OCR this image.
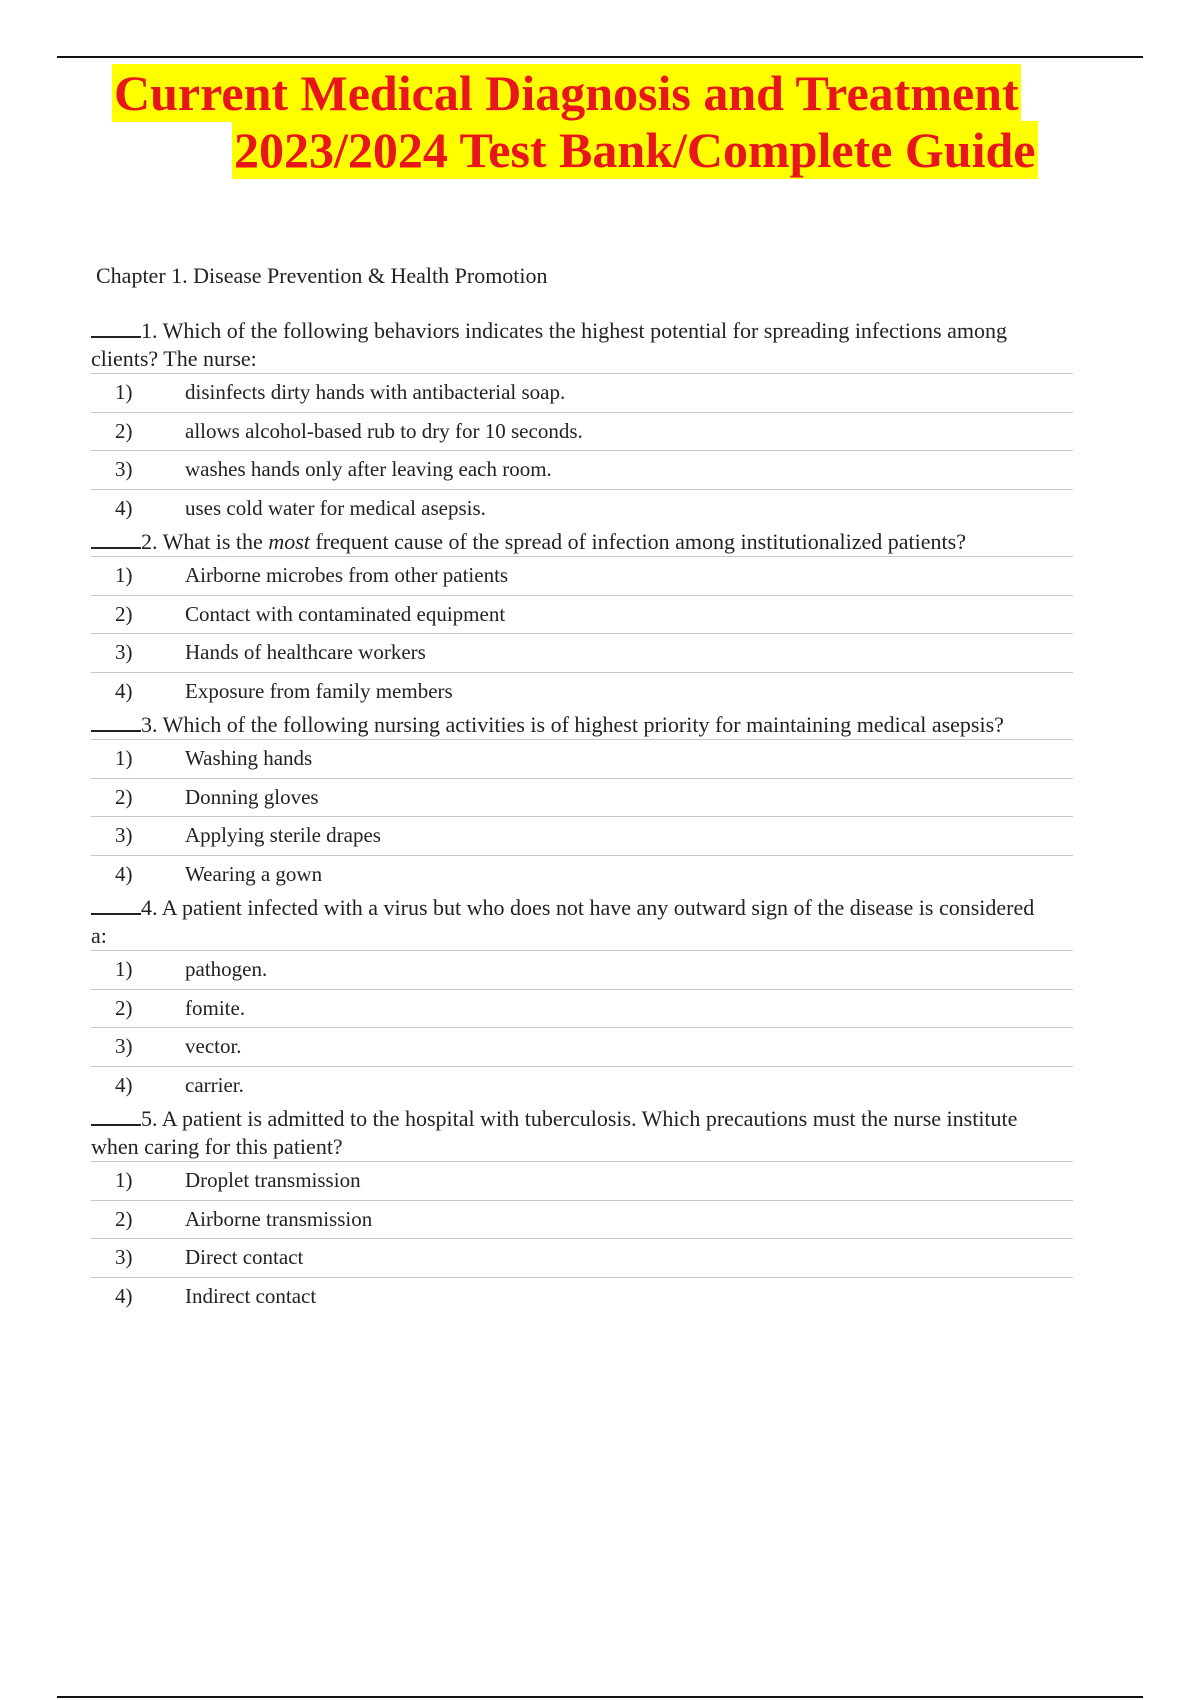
Current Medical Diagnosis and Treatment
2023/2024 Test Bank/Complete Guide
Chapter 1. Disease Prevention & Health Promotion
1. Which of the following behaviors indicates the highest potential for spreading infections among clients? The nurse:
1)	disinfects dirty hands with antibacterial soap.
2)	allows alcohol-based rub to dry for 10 seconds.
3)	washes hands only after leaving each room.
4)	uses cold water for medical asepsis.
2. What is the most frequent cause of the spread of infection among institutionalized patients?
1)	Airborne microbes from other patients
2)	Contact with contaminated equipment
3)	Hands of healthcare workers
4)	Exposure from family members
3. Which of the following nursing activities is of highest priority for maintaining medical asepsis?
1)	Washing hands
2)	Donning gloves
3)	Applying sterile drapes
4)	Wearing a gown
4. A patient infected with a virus but who does not have any outward sign of the disease is considered a:
1)	pathogen.
2)	fomite.
3)	vector.
4)	carrier.
5. A patient is admitted to the hospital with tuberculosis. Which precautions must the nurse institute when caring for this patient?
1)	Droplet transmission
2)	Airborne transmission
3)	Direct contact
4)	Indirect contact
